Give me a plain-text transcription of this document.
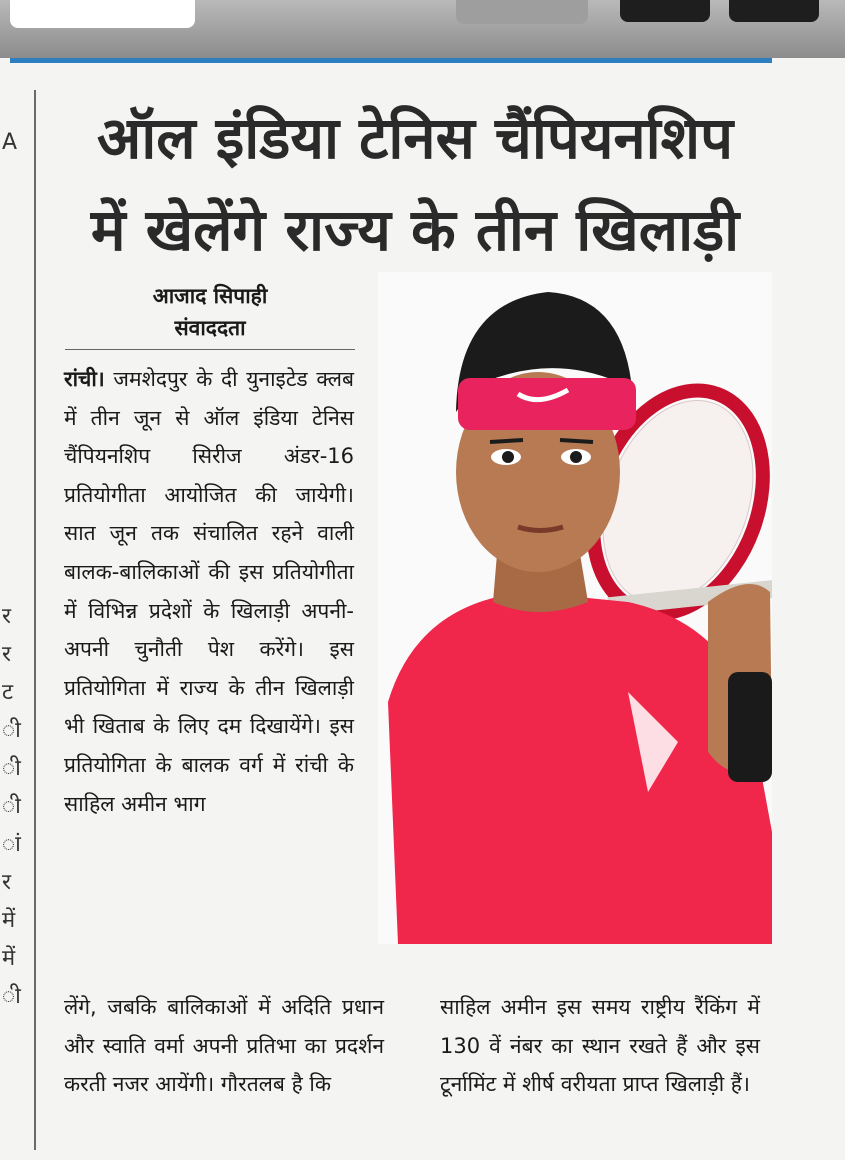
A
र
र
ट
ी
ी
ी
ां
र
में
में
ी
ऑल इंडिया टेनिस चैंपियनशिप
में खेलेंगे राज्य के तीन खिलाड़ी
आजाद सिपाही
संवाददता

रांची। जमशेदपुर के दी युनाइटेड क्लब में तीन जून से ऑल इंडिया टेनिस चैंपियनशिप सिरीज अंडर-16 प्रतियोगीता आयोजित की जायेगी। सात जून तक संचालित रहने वाली बालक-बालिकाओं की इस प्रतियोगीता में विभिन्न प्रदेशों के खिलाड़ी अपनी-अपनी चुनौती पेश करेंगे। इस प्रतियोगिता में राज्य के तीन खिलाड़ी भी खिताब के लिए दम दिखायेंगे। इस प्रतियोगिता के बालक वर्ग में रांची के साहिल अमीन भाग

लेंगे, जबकि बालिकाओं में अदिति प्रधान और स्वाति वर्मा अपनी प्रतिभा का प्रदर्शन करती नजर आयेंगी। गौरतलब है कि

साहिल अमीन इस समय राष्ट्रीय रैंकिंग में 130 वें नंबर का स्थान रखते हैं और इस टूर्नामिंट में शीर्ष वरीयता प्राप्त खिलाड़ी हैं।
